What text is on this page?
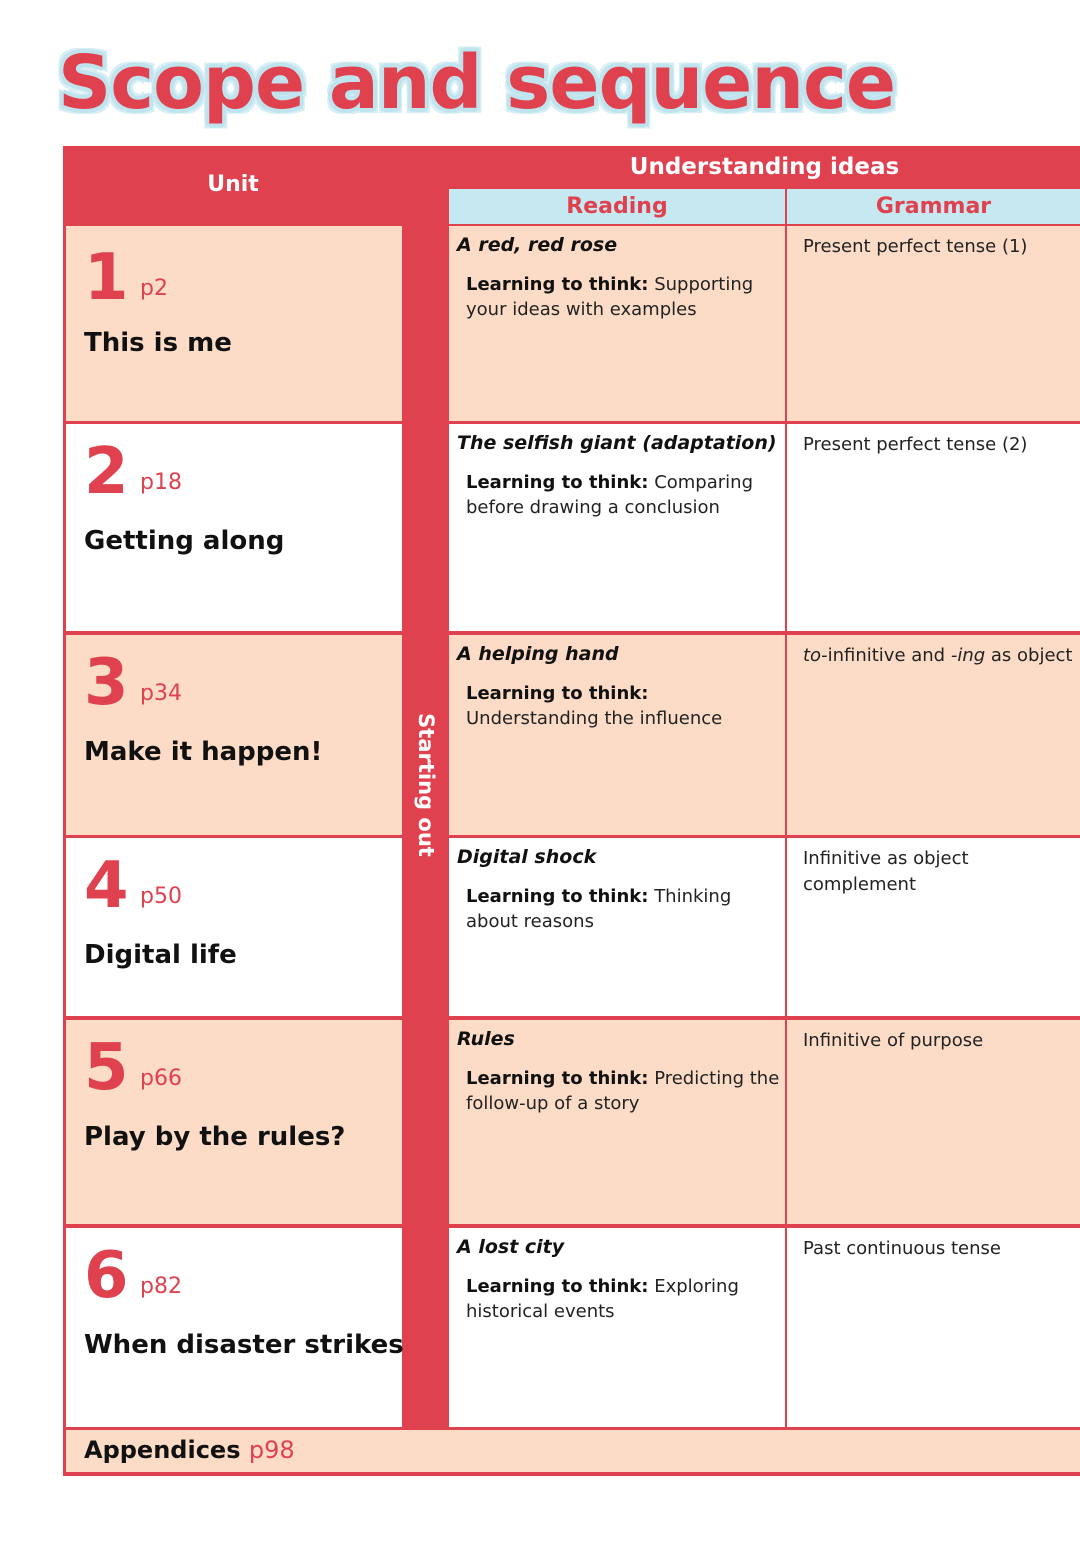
Scope and sequence
Unit
Understanding ideas
Reading	Grammar
Starting out
1 p2
This is me
A red, red rose
Learning to think: Supporting your ideas with examples
Present perfect tense (1)
2 p18
Getting along
The selfish giant (adaptation)
Learning to think: Comparing before drawing a conclusion
Present perfect tense (2)
3 p34
Make it happen!
A helping hand
Learning to think: Understanding the influence
to-infinitive and -ing as object
4 p50
Digital life
Digital shock
Learning to think: Thinking about reasons
Infinitive as object complement
5 p66
Play by the rules?
Rules
Learning to think: Predicting the follow-up of a story
Infinitive of purpose
6 p82
When disaster strikes
A lost city
Learning to think: Exploring historical events
Past continuous tense
Appendices p98
